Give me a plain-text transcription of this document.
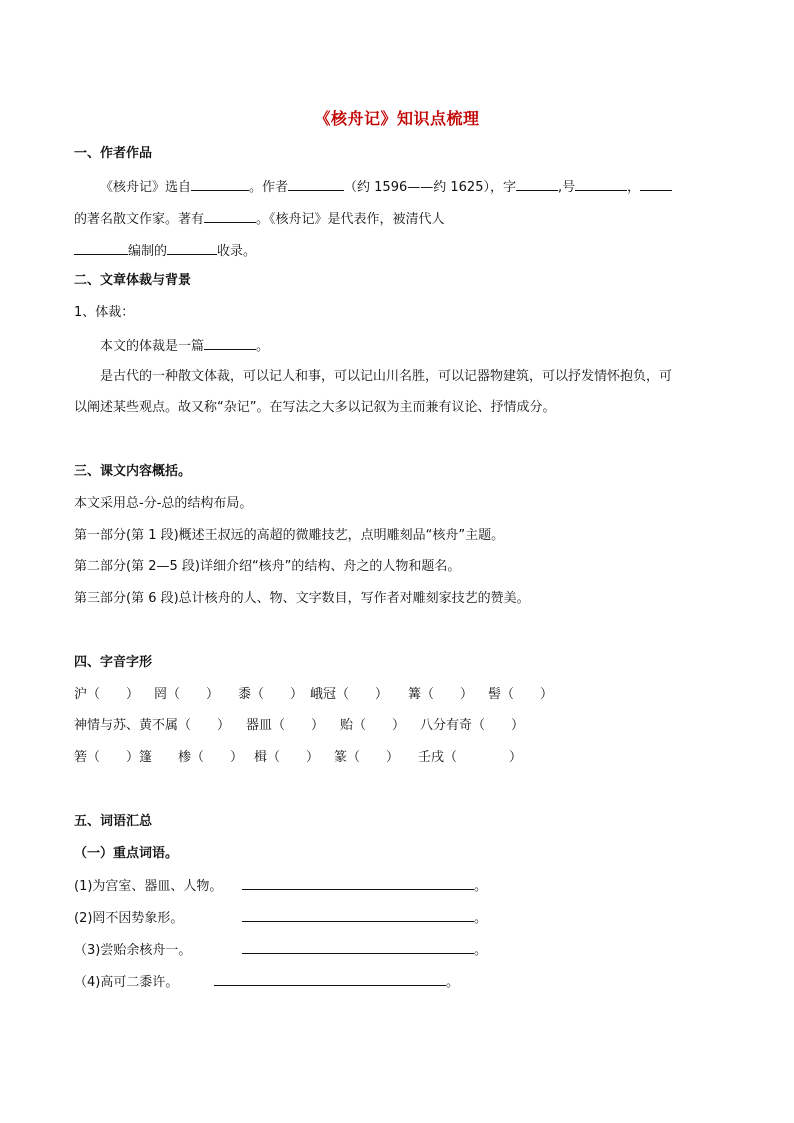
《核舟记》知识点梳理
一、作者作品
《核舟记》选自	。作者	（约 1596——约 1625），字	,号	，
的著名散文作家。著有	。《核舟记》是代表作，被清代人
编制的	收录。
二、文章体裁与背景
1、体裁：
本文的体裁是一篇	。
是古代的一种散文体裁，可以记人和事，可以记山川名胜，可以记器物建筑，可以抒发情怀抱负，可
以阐述某些观点。故又称“杂记”。在写法之大多以记叙为主而兼有议论、抒情成分。
三、课文内容概括。
本文采用总-分-总的结构布局。
第一部分(第 1 段)概述王叔远的高超的微雕技艺，点明雕刻品“核舟”主题。
第二部分(第 2—5 段)详细介绍“核舟”的结构、舟之的人物和题名。
第三部分(第 6 段)总计核舟的人、物、文字数目，写作者对雕刻家技艺的赞美。
四、字音字形
沪（　　） 罔（　　） 黍（　　） 峨冠（　　） 篝（　　） 髻（　　）
神情与苏、黄不属（　　） 器皿（　　） 贻（　　） 八分有奇（　　）
箬（　　）篷 椮（　　） 楫（　　） 篆（　　） 壬戌（　　　　）
五、词语汇总
（一）重点词语。
(1)为宫室、器皿、人物。	。
(2)罔不因势象形。	。
（3)尝贻余核舟一。	。
（4)高可二黍许。	。
